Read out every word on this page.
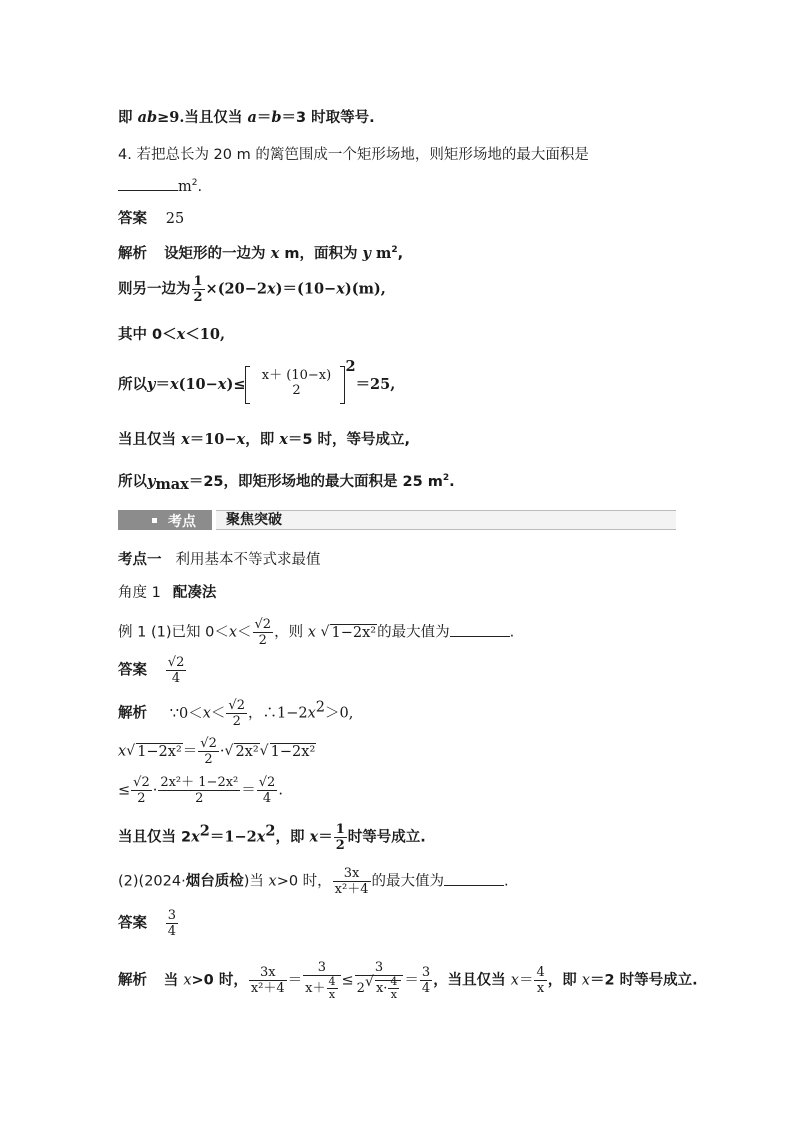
即 ab≥9.当且仅当 a＝b＝3 时取等号.
4. 若把总长为 20 m 的篱笆围成一个矩形场地，则矩形场地的最大面积是
$m^2$.
答案 25
解析 设矩形的一边为 x m，面积为 y $m^2$,
则另一边为 $\frac{1}{2} \times(20-2x)=(10-x)(m)$,
其中 0＜x＜10,
所以y＝x(10−x)≤
x＋ (10−x)
2
$^2$＝25,
当且仅当 x＝10−x，即 x＝5 时，等号成立,
所以$y_{max}=25$，即矩形场地的最大面积是 25 $m^2$.
考点 聚焦突破
考点一 利用基本不等式求最值
角度 1 配凑法
例 1 (1)已知 $0<x< \frac{√2}{2}$ ，则 x √ 1−2x²的最大值为	.
答案 $\frac{√2}{4}$
解析 ∵0＜x＜ $\frac{√2}{2}$ ，$\therefore 1-2x^2>0$,
x √ $1-2x^2= \frac{√2}{2}$ · √ 2x² √ 1−2x²
≤ $\frac{√2}{2} \cdot \frac{\text{2x²＋ 1−2x²}}{2} = \frac{√2}{4}$ .
当且仅当 $2x^2=1-2x^2$，即 $x= \frac{1}{2}$ 时等号成立.
(2)(2024·烟台质检)当 x>0 时， $\frac{3x}{\text{x²＋4}}$ 的最大值为	.
答案 $\frac{3}{4}$
解析 当 x>0 时， $\frac{3x}{\text{x²＋4}} = \frac{3}{x+ \frac{4}{x}} \le \frac{3}{2 √ x\cdot \frac{4}{x}} = \frac{3}{4}$ ，当且仅当 $x= \frac{4}{x}$ ，即 x＝2 时等号成立.
